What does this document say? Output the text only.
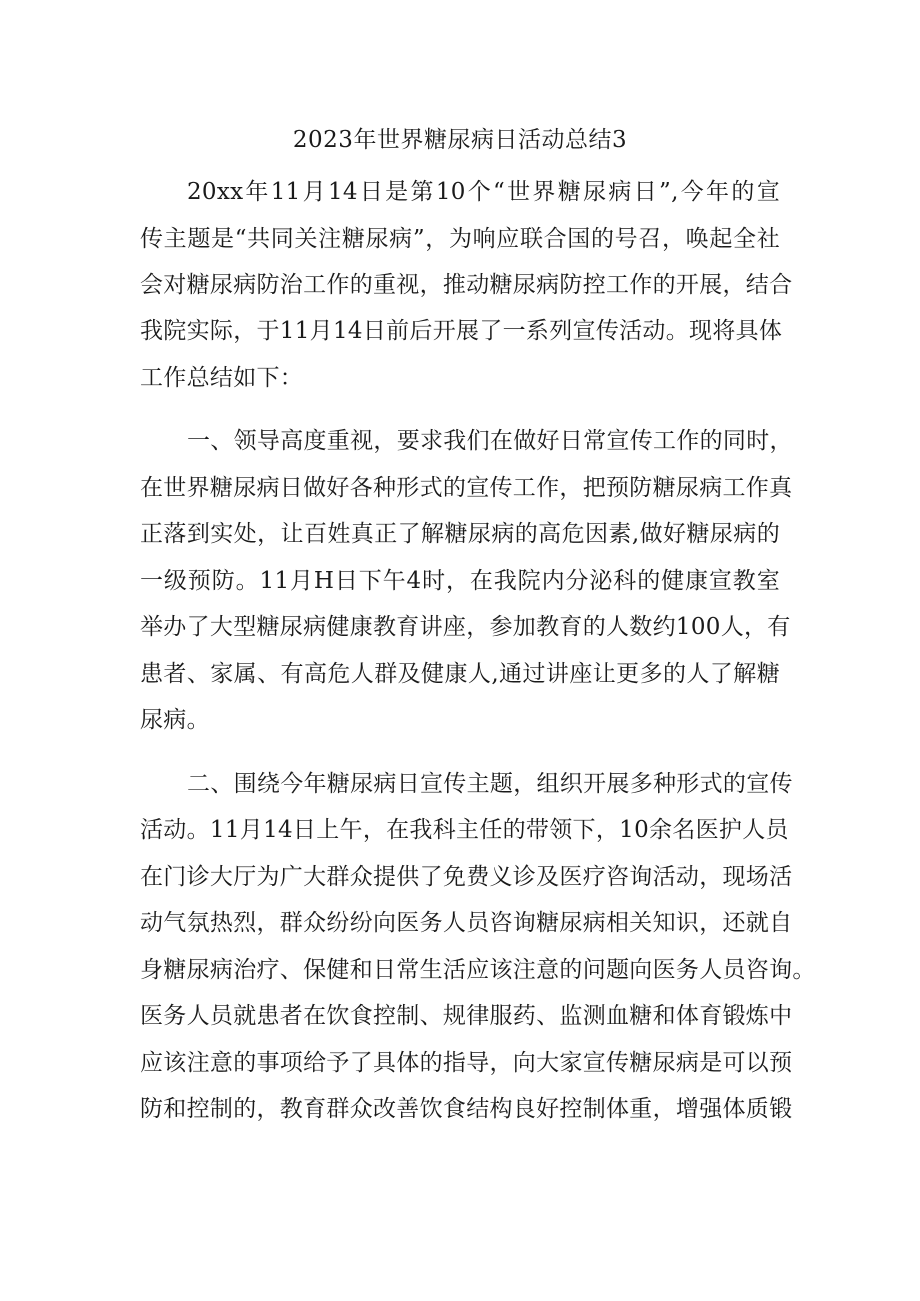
2023年世界糖尿病日活动总结3
20xx年11月14日是第10个“世界糖尿病日”,今年的宣
传主题是“共同关注糖尿病”，为响应联合国的号召，唤起全社
会对糖尿病防治工作的重视，推动糖尿病防控工作的开展，结合
我院实际，于11月14日前后开展了一系列宣传活动。现将具体
工作总结如下：
一、领导高度重视，要求我们在做好日常宣传工作的同时，
在世界糖尿病日做好各种形式的宣传工作，把预防糖尿病工作真
正落到实处，让百姓真正了解糖尿病的高危因素,做好糖尿病的
一级预防。11月H日下午4时，在我院内分泌科的健康宣教室
举办了大型糖尿病健康教育讲座，参加教育的人数约100人，有
患者、家属、有高危人群及健康人,通过讲座让更多的人了解糖
尿病。
二、围绕今年糖尿病日宣传主题，组织开展多种形式的宣传
活动。11月14日上午，在我科主任的带领下，10余名医护人员
在门诊大厅为广大群众提供了免费义诊及医疗咨询活动，现场活
动气氛热烈，群众纷纷向医务人员咨询糖尿病相关知识，还就自
身糖尿病治疗、保健和日常生活应该注意的问题向医务人员咨询。
医务人员就患者在饮食控制、规律服药、监测血糖和体育锻炼中
应该注意的事项给予了具体的指导，向大家宣传糖尿病是可以预
防和控制的，教育群众改善饮食结构良好控制体重，增强体质锻
